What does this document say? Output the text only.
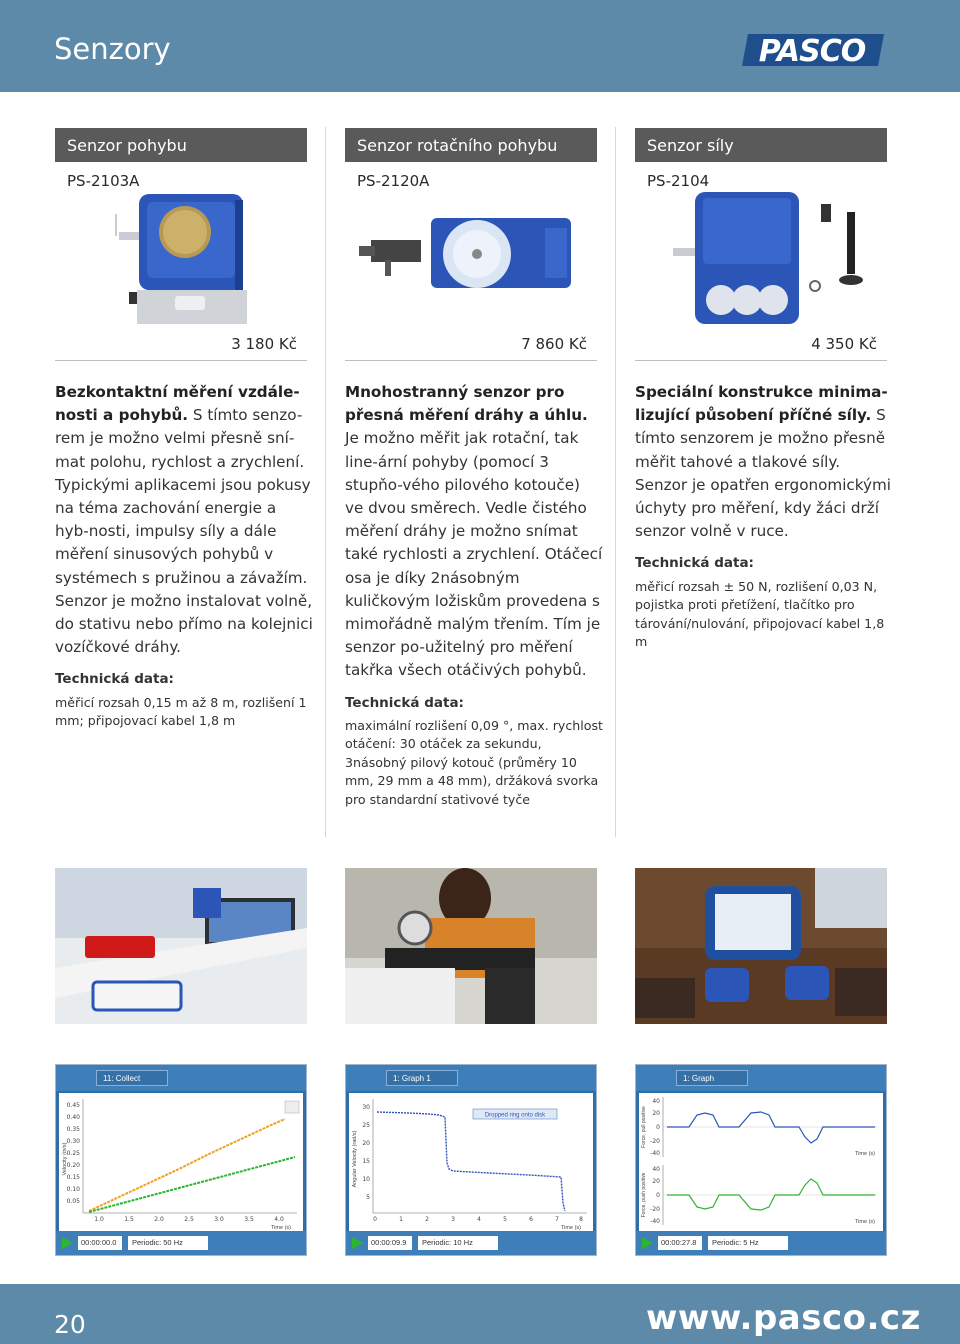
Senzory	PASCO
Senzor pohybu
PS-2103A
3 180 Kč
Senzor rotačního pohybu
PS-2120A
7 860 Kč
Senzor síly
PS-2104
4 350 Kč
Bezkontaktní měření vzdále-nosti a pohybů. S tímto senzo-rem je možno velmi přesně sní-mat polohu, rychlost a zrychlení. Typickými aplikacemi jsou pokusy na téma zachování energie a hyb-nosti, impulsy síly a dále měření sinusových pohybů v systémech s pružinou a závažím. Senzor je možno instalovat volně, do stativu nebo přímo na kolejnici vozíčkové dráhy.
Technická data:
měřicí rozsah 0,15 m až 8 m, rozlišení 1 mm; připojovací kabel 1,8 m
Mnohostranný senzor pro přesná měření dráhy a úhlu. Je možno měřit jak rotační, tak line-ární pohyby (pomocí 3 stupňo-vého pilového kotouče) ve dvou směrech. Vedle čistého měření dráhy je možno snímat také rychlosti a zrychlení. Otáčecí osa je díky 2násobným kuličkovým ložiskům provedena s mimořádně malým třením. Tím je senzor po-užitelný pro měření takřka všech otáčivých pohybů.
Technická data:
maximální rozlišení 0,09 °, max. rychlost otáčení: 30 otáček za sekundu, 3násobný pilový kotouč (průměry 10 mm, 29 mm a 48 mm), držáková svorka pro standardní stativové tyče
Speciální konstrukce minima-lizující působení příčné síly. S tímto senzorem je možno přesně měřit tahové a tlakové síly. Senzor je opatřen ergonomickými úchyty pro měření, kdy žáci drží senzor volně v ruce.
Technická data:
měřicí rozsah ± 50 N, rozlišení 0,03 N, pojistka proti přetížení, tlačítko pro tárování/nulování, připojovací kabel 1,8 m
11: Collect
0.45
0.40
0.35
0.30
0.25
0.20
0.15
0.10
0.05
1.0	1.5	2.0	2.5	3.0	3.5	4.0
Time (s)
Velocity (m/s)
00:00:00.0	Periodic: 50 Hz
1: Graph 1
30
25
20
15
10
5
0	1	2	3	4	5	6	7	8
Time (s)
Angular Velocity (rad/s)
Dropped ring onto disk
00:00:09.9	Periodic: 10 Hz
1: Graph
40
20
0
-20
-40
40
20
0
-20
-40
Time (s)
Time (s)
Force, pull positive
Force, push positive
00:00:27.8	Periodic: 5 Hz
20	www.pasco.cz
